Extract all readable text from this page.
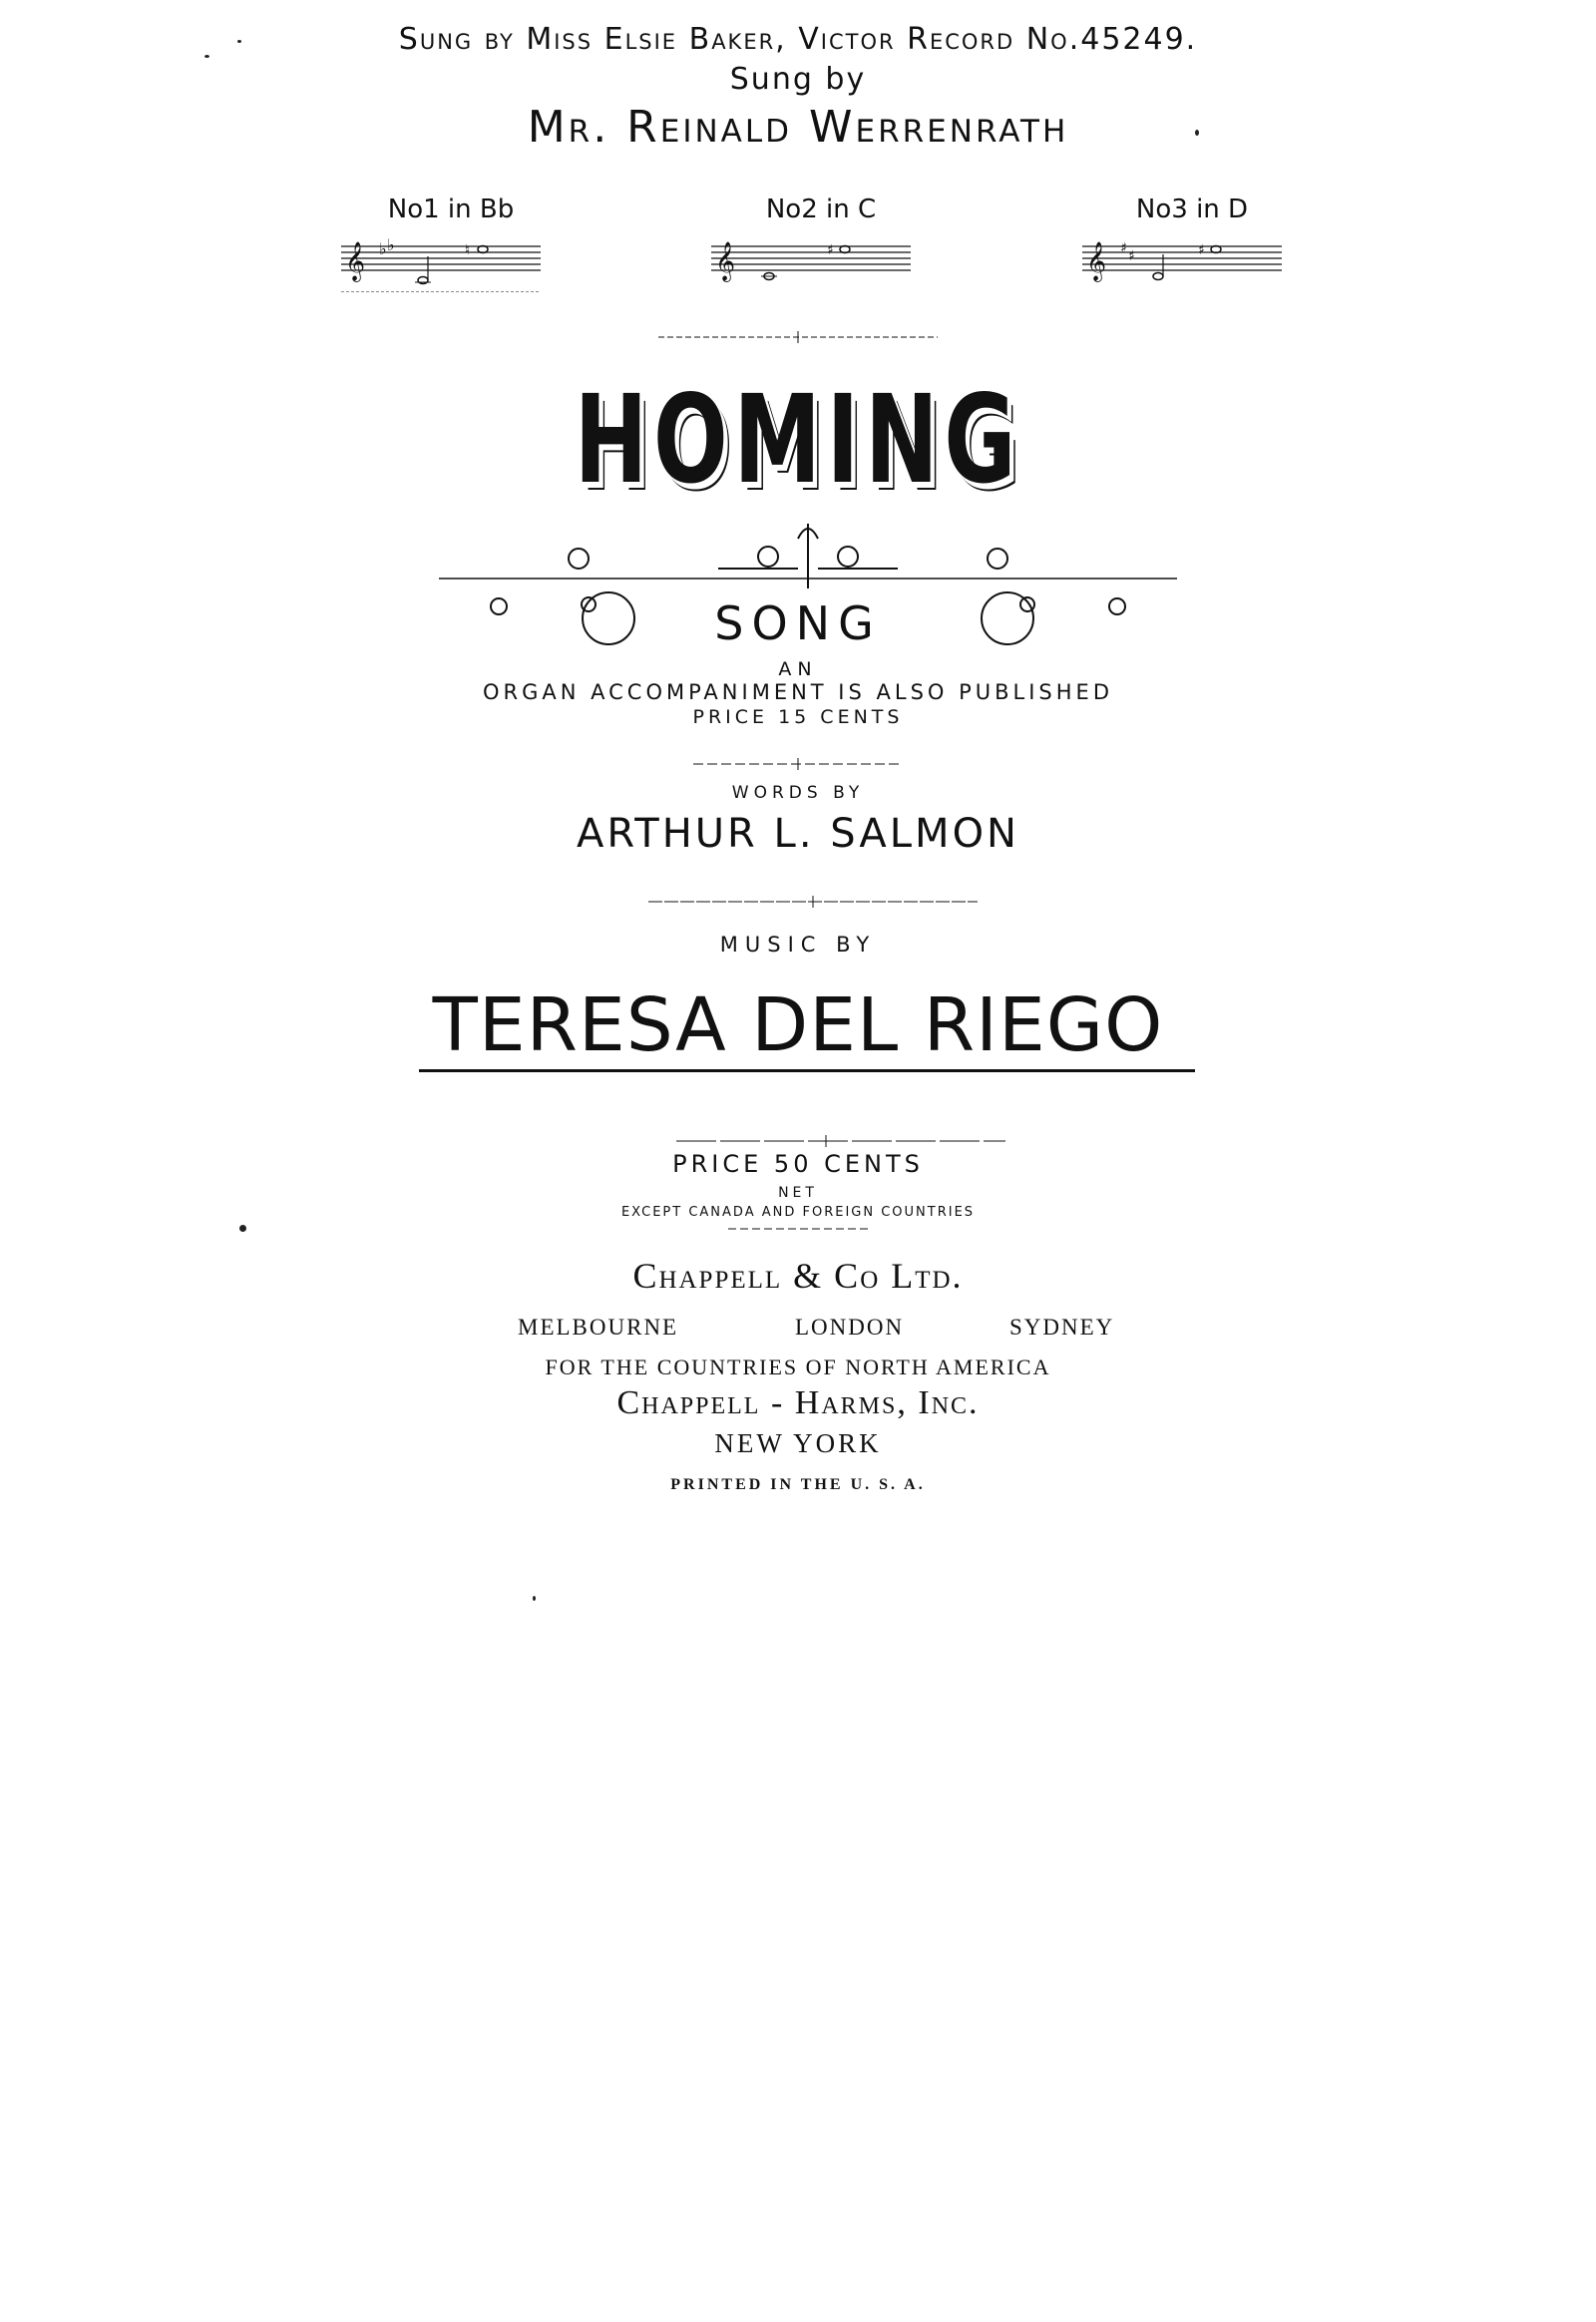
Sung by Miss Elsie Baker, Victor Record No.45249.
Sung by
Mr. Reinald Werrenrath
No1 in Bb
𝄞 ♭ ♭	♮
No2 in C
𝄞	♯
No3 in D
𝄞 ♯ ♯	♯
HOMING
SONG
AN
ORGAN ACCOMPANIMENT IS ALSO PUBLISHED
PRICE 15 CENTS
WORDS BY
ARTHUR L. SALMON
MUSIC BY
TERESA DEL RIEGO
PRICE 50 CENTS
NET
EXCEPT CANADA AND FOREIGN COUNTRIES
Chappell & Co Ltd.
MELBOURNE	LONDON	SYDNEY
FOR THE COUNTRIES OF NORTH AMERICA
Chappell - Harms, Inc.
NEW YORK
PRINTED IN THE U. S. A.
